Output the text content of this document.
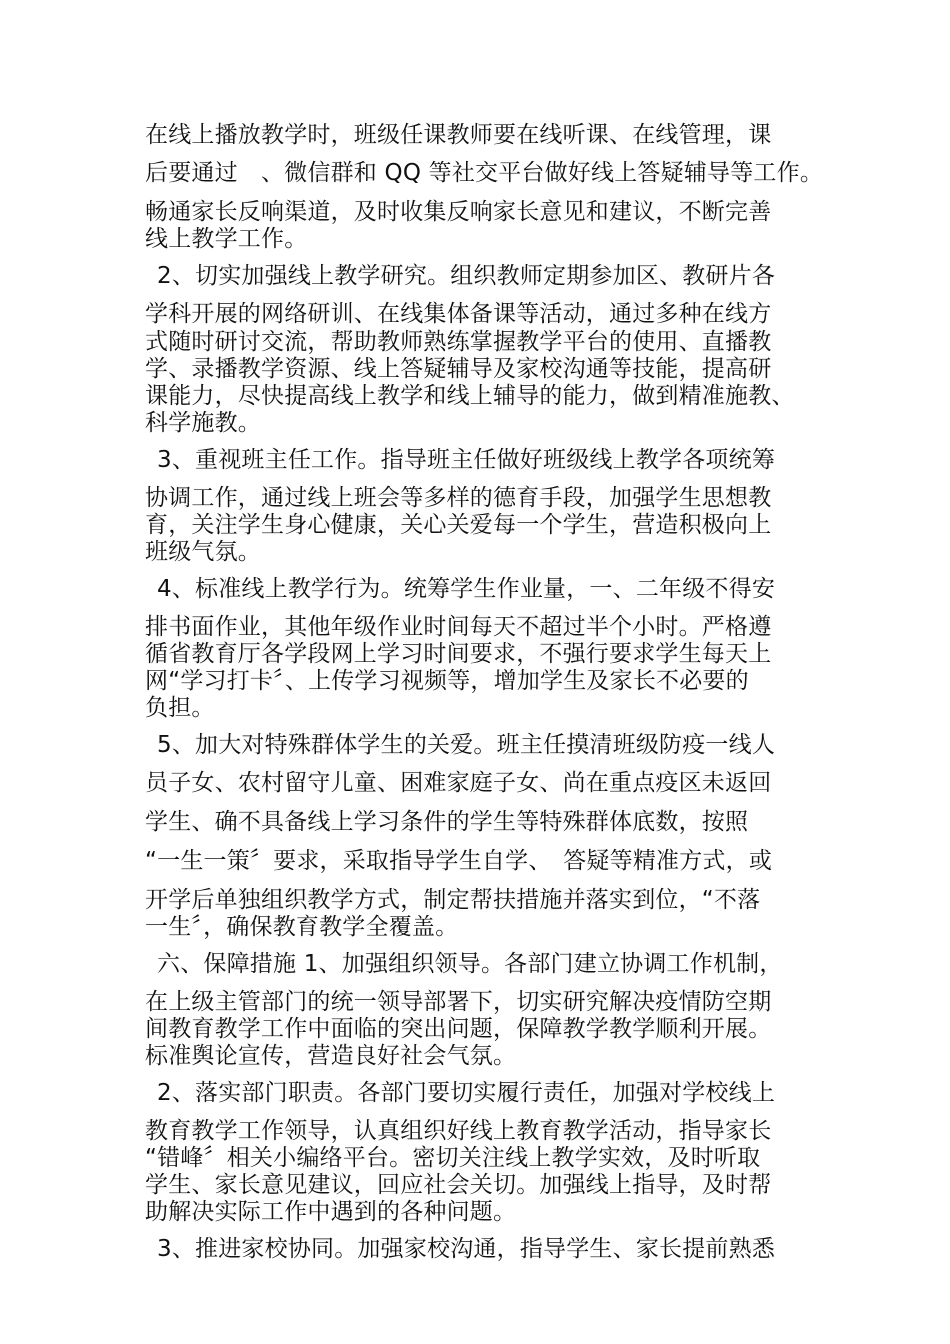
在线上播放教学时，班级任课教师要在线听课、在线管理，课
后要通过　、微信群和 QQ 等社交平台做好线上答疑辅导等工作。
畅通家长反响渠道，及时收集反响家长意见和建议，不断完善
线上教学工作。
2、切实加强线上教学研究。组织教师定期参加区、教研片各
学科开展的网络研训、在线集体备课等活动，通过多种在线方
式随时研讨交流，帮助教师熟练掌握教学平台的使用、直播教
学、录播教学资源、线上答疑辅导及家校沟通等技能，提高研
课能力，尽快提高线上教学和线上辅导的能力，做到精准施教、
科学施教。
3、重视班主任工作。指导班主任做好班级线上教学各项统筹
协调工作，通过线上班会等多样的德育手段，加强学生思想教
育，关注学生身心健康，关心关爱每一个学生，营造积极向上
班级气氛。
4、标准线上教学行为。统筹学生作业量，一、二年级不得安
排书面作业，其他年级作业时间每天不超过半个小时。严格遵
循省教育厅各学段网上学习时间要求，不强行要求学生每天上
网“学习打卡〞、上传学习视频等，增加学生及家长不必要的
负担。
5、加大对特殊群体学生的关爱。班主任摸清班级防疫一线人
员子女、农村留守儿童、困难家庭子女、尚在重点疫区未返回
学生、确不具备线上学习条件的学生等特殊群体底数，按照
“一生一策〞要求，采取指导学生自学、　答疑等精准方式，或
开学后单独组织教学方式，制定帮扶措施并落实到位，“不落
一生〞，确保教育教学全覆盖。
六、保障措施 1、加强组织领导。各部门建立协调工作机制，
在上级主管部门的统一领导部署下，切实研究解决疫情防空期
间教育教学工作中面临的突出问题，保障教学教学顺利开展。
标准舆论宣传，营造良好社会气氛。
2、落实部门职责。各部门要切实履行责任，加强对学校线上
教育教学工作领导，认真组织好线上教育教学活动，指导家长
“错峰〞相关小编络平台。密切关注线上教学实效，及时听取
学生、家长意见建议，回应社会关切。加强线上指导，及时帮
助解决实际工作中遇到的各种问题。
3、推进家校协同。加强家校沟通，指导学生、家长提前熟悉
